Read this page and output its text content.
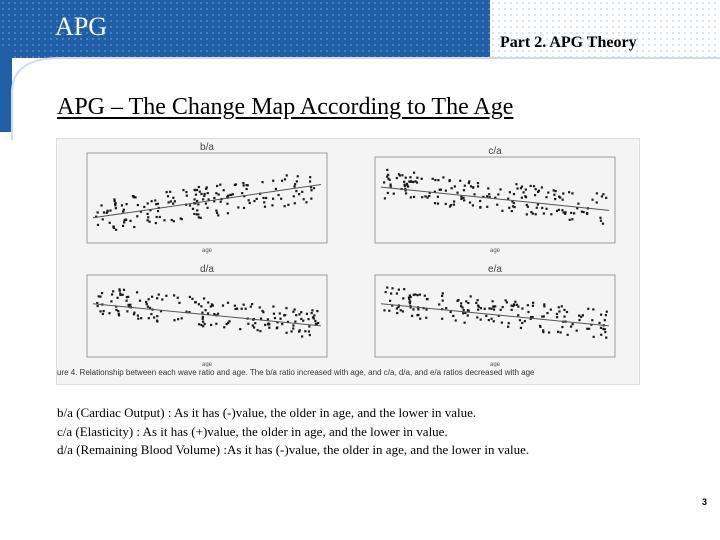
APG
Part 2. APG Theory
APG – The Change Map According to The Age
b/a
age
c/a
age
d/a
age
e/a
age
ure 4. Relationship between each wave ratio and age. The b/a ratio increased with age, and c/a, d/a, and e/a ratios decreased with age
b/a (Cardiac Output) : As it has (-)value, the older in age, and the lower in value.
c/a (Elasticity) : As it has (+)value, the older in age, and the lower in value.
d/a (Remaining Blood Volume) :As it has (-)value, the older in age, and the lower in value.
3
